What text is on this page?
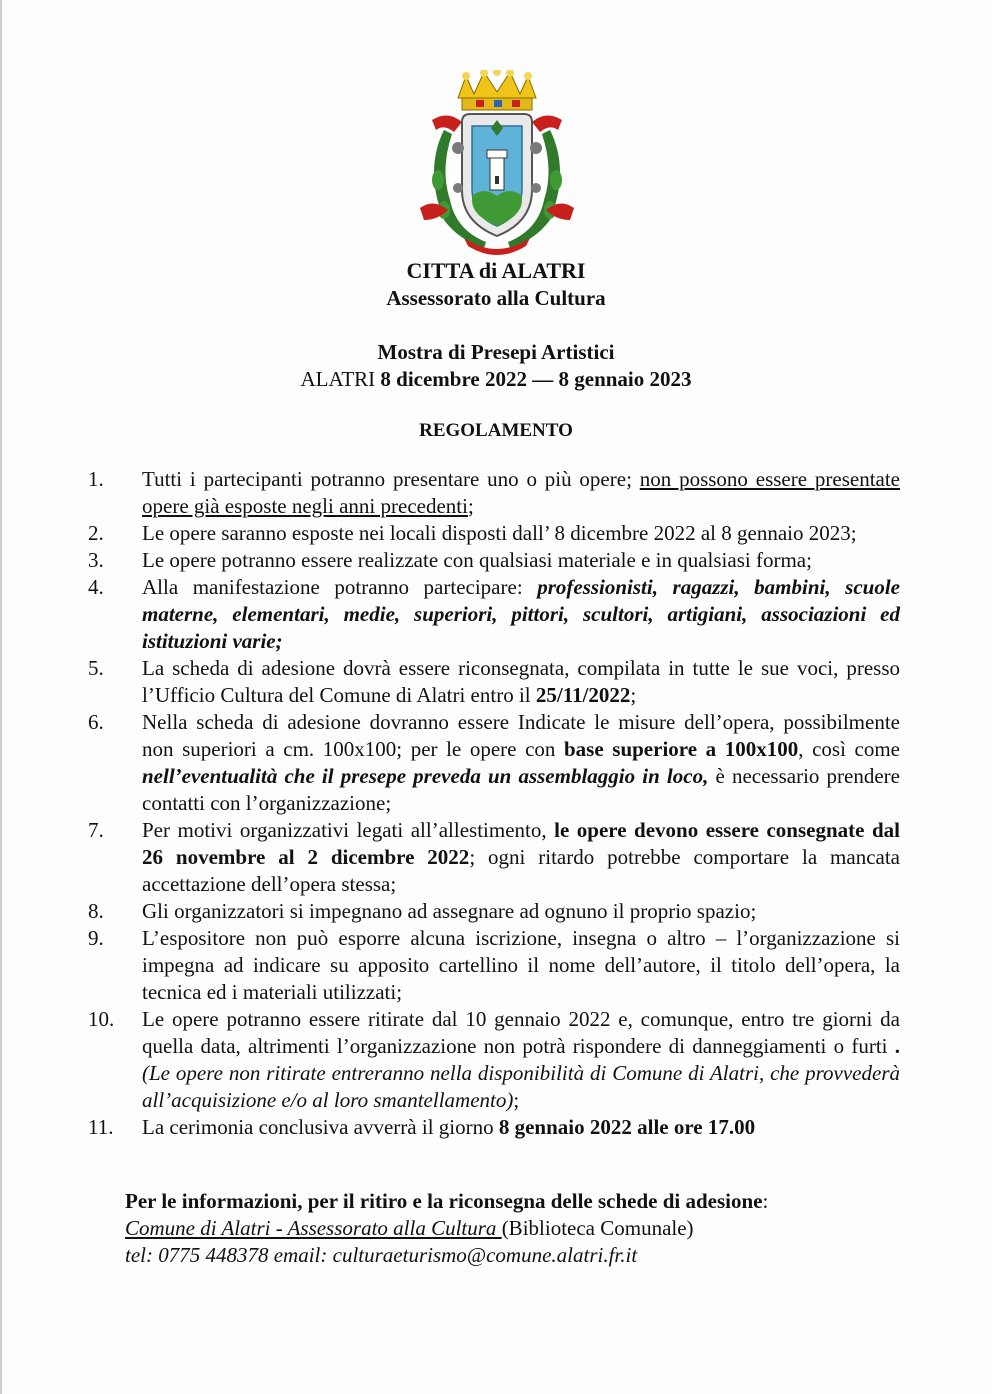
CITTA di ALATRI
Assessorato alla Cultura
Mostra di Presepi Artistici
ALATRI 8 dicembre 2022 — 8 gennaio 2023
REGOLAMENTO
1. Tutti i partecipanti potranno presentare uno o più opere; non possono essere presentate opere già esposte negli anni precedenti;
2. Le opere saranno esposte nei locali disposti dall’ 8 dicembre 2022 al 8 gennaio 2023;
3. Le opere potranno essere realizzate con qualsiasi materiale e in qualsiasi forma;
4. Alla manifestazione potranno partecipare: professionisti, ragazzi, bambini, scuole materne, elementari, medie, superiori, pittori, scultori, artigiani, associazioni ed istituzioni varie;
5. La scheda di adesione dovrà essere riconsegnata, compilata in tutte le sue voci, presso l’Ufficio Cultura del Comune di Alatri entro il 25/11/2022;
6. Nella scheda di adesione dovranno essere Indicate le misure dell’opera, possibilmente non superiori a cm. 100x100; per le opere con base superiore a 100x100, così come nell’eventualità che il presepe preveda un assemblaggio in loco, è necessario prendere contatti con l’organizzazione;
7. Per motivi organizzativi legati all’allestimento, le opere devono essere consegnate dal 26 novembre al 2 dicembre 2022; ogni ritardo potrebbe comportare la mancata accettazione dell’opera stessa;
8. Gli organizzatori si impegnano ad assegnare ad ognuno il proprio spazio;
9. L’espositore non può esporre alcuna iscrizione, insegna o altro – l’organizzazione si impegna ad indicare su apposito cartellino il nome dell’autore, il titolo dell’opera, la tecnica ed i materiali utilizzati;
10. Le opere potranno essere ritirate dal 10 gennaio 2022 e, comunque, entro tre giorni da quella data, altrimenti l’organizzazione non potrà rispondere di danneggiamenti o furti . (Le opere non ritirate entreranno nella disponibilità di Comune di Alatri, che provvederà all’acquisizione e/o al loro smantellamento);
11. La cerimonia conclusiva avverrà il giorno 8 gennaio 2022 alle ore 17.00
Per le informazioni, per il ritiro e la riconsegna delle schede di adesione:
Comune di Alatri - Assessorato alla Cultura (Biblioteca Comunale)
tel: 0775 448378 email: culturaeturismo@comune.alatri.fr.it
